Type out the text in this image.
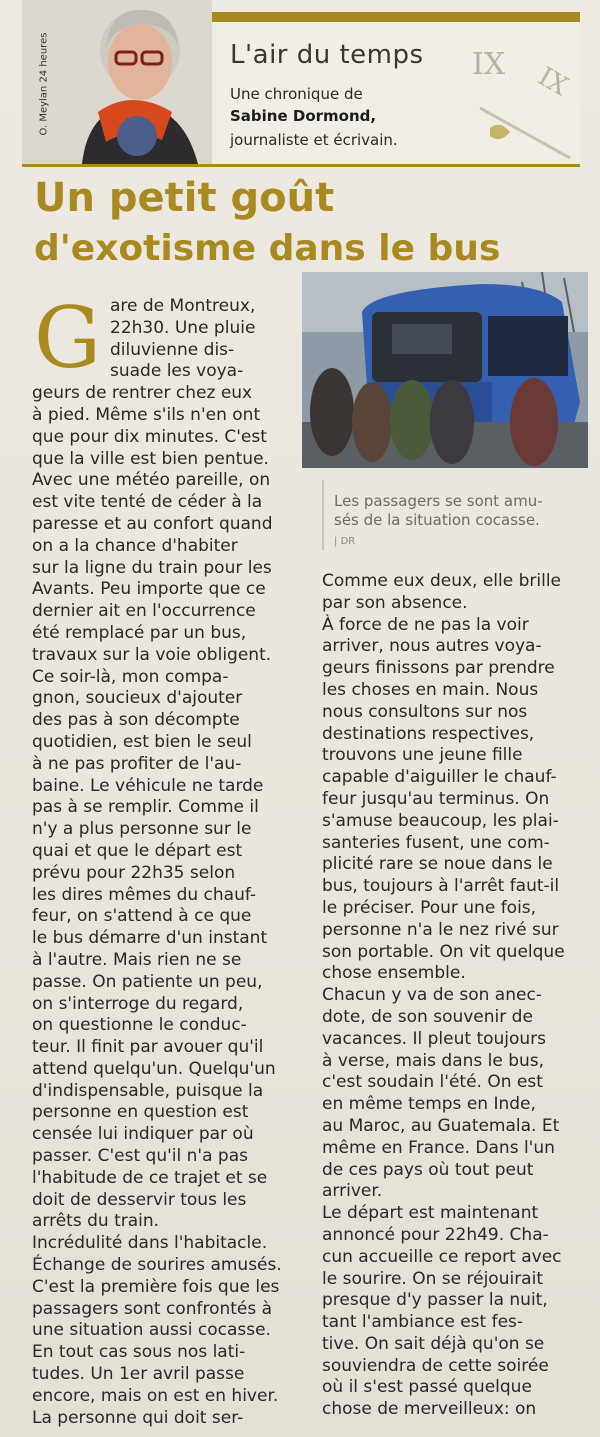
O. Meylan 24 heures	L'air du temps
Une chronique de
Sabine Dormond,
journaliste et écrivain.
IX IX
Un petit goût
d'exotisme dans le bus
Les passagers se sont amu-
sés de la situation cocasse.
| DR
G are de Montreux,
22h30. Une pluie
diluvienne dis-
suade les voya-
geurs de rentrer chez eux
à pied. Même s'ils n'en ont
que pour dix minutes. C'est
que la ville est bien pentue.
Avec une météo pareille, on
est vite tenté de céder à la
paresse et au confort quand
on a la chance d'habiter
sur la ligne du train pour les
Avants. Peu importe que ce
dernier ait en l'occurrence
été remplacé par un bus,
travaux sur la voie obligent.
Ce soir-là, mon compa-
gnon, soucieux d'ajouter
des pas à son décompte
quotidien, est bien le seul
à ne pas profiter de l'au-
baine. Le véhicule ne tarde
pas à se remplir. Comme il
n'y a plus personne sur le
quai et que le départ est
prévu pour 22h35 selon
les dires mêmes du chauf-
feur, on s'attend à ce que
le bus démarre d'un instant
à l'autre. Mais rien ne se
passe. On patiente un peu,
on s'interroge du regard,
on questionne le conduc-
teur. Il finit par avouer qu'il
attend quelqu'un. Quelqu'un
d'indispensable, puisque la
personne en question est
censée lui indiquer par où
passer. C'est qu'il n'a pas
l'habitude de ce trajet et se
doit de desservir tous les
arrêts du train.
Incrédulité dans l'habitacle.
Échange de sourires amusés.
C'est la première fois que les
passagers sont confrontés à
une situation aussi cocasse.
En tout cas sous nos lati-
tudes. Un 1er avril passe
encore, mais on est en hiver.
La personne qui doit ser-
Comme eux deux, elle brille
par son absence.
À force de ne pas la voir
arriver, nous autres voya-
geurs finissons par prendre
les choses en main. Nous
nous consultons sur nos
destinations respectives,
trouvons une jeune fille
capable d'aiguiller le chauf-
feur jusqu'au terminus. On
s'amuse beaucoup, les plai-
santeries fusent, une com-
plicité rare se noue dans le
bus, toujours à l'arrêt faut-il
le préciser. Pour une fois,
personne n'a le nez rivé sur
son portable. On vit quelque
chose ensemble.
Chacun y va de son anec-
dote, de son souvenir de
vacances. Il pleut toujours
à verse, mais dans le bus,
c'est soudain l'été. On est
en même temps en Inde,
au Maroc, au Guatemala. Et
même en France. Dans l'un
de ces pays où tout peut
arriver.
Le départ est maintenant
annoncé pour 22h49. Cha-
cun accueille ce report avec
le sourire. On se réjouirait
presque d'y passer la nuit,
tant l'ambiance est fes-
tive. On sait déjà qu'on se
souviendra de cette soirée
où il s'est passé quelque
chose de merveilleux: on
